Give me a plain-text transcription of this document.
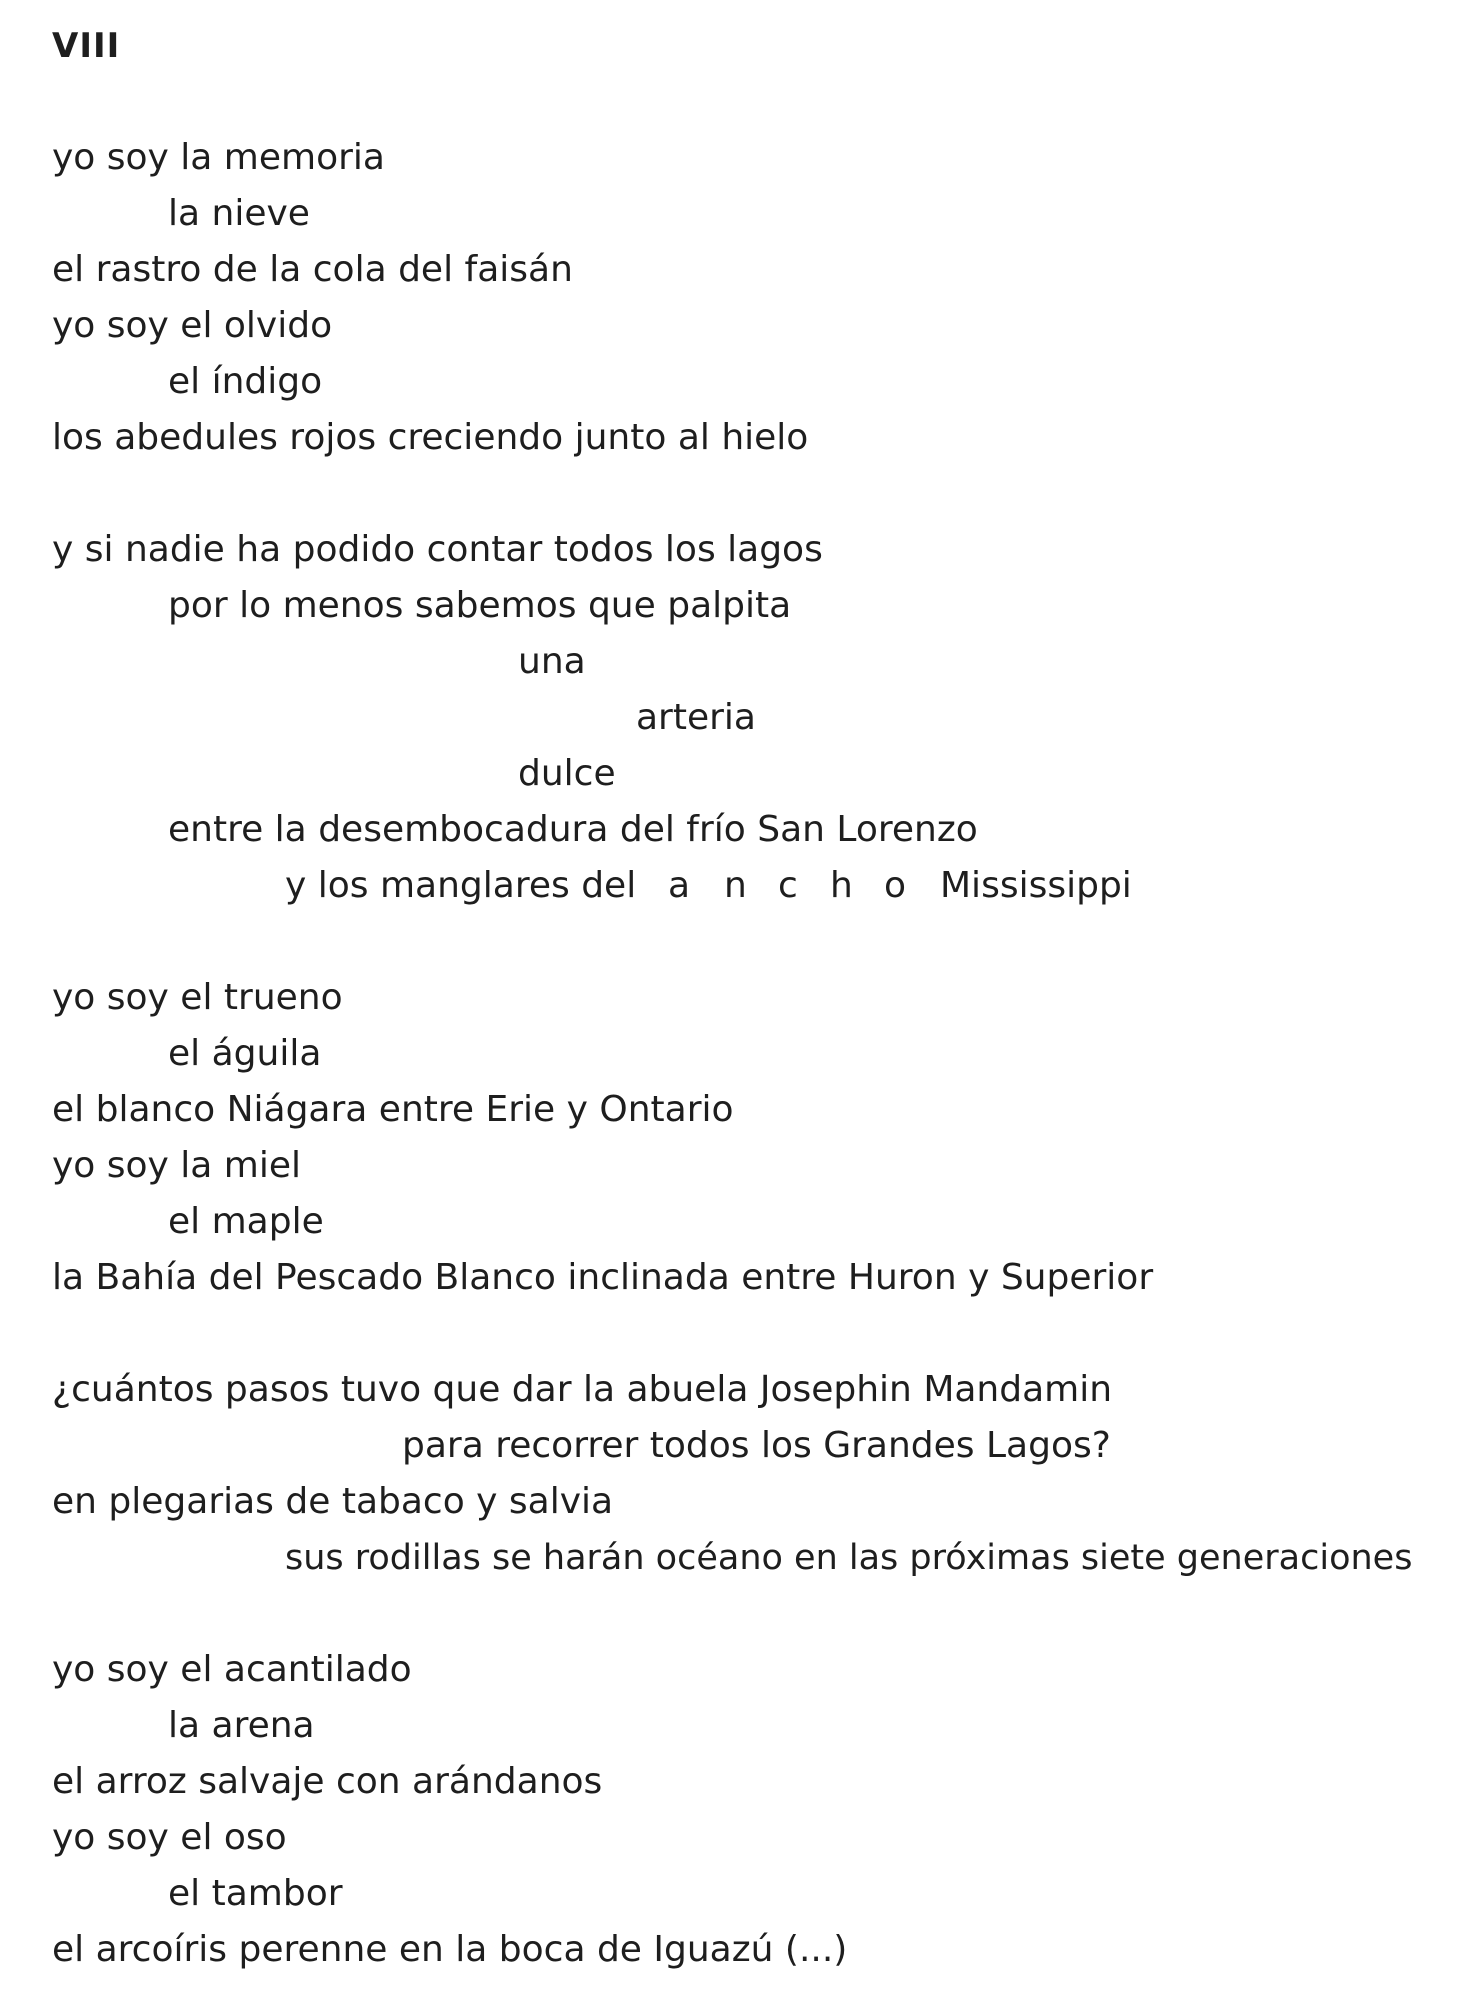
VIII
yo soy la memoria
la nieve
el rastro de la cola del faisán
yo soy el olvido
el índigo
los abedules rojos creciendo junto al hielo
y si nadie ha podido contar todos los lagos
por lo menos sabemos que palpita
una
arteria
dulce
entre la desembocadura del frío San Lorenzo
y los manglares del a n c h o Mississippi
yo soy el trueno
el águila
el blanco Niágara entre Erie y Ontario
yo soy la miel
el maple
la Bahía del Pescado Blanco inclinada entre Huron y Superior
¿cuántos pasos tuvo que dar la abuela Josephin Mandamin
para recorrer todos los Grandes Lagos?
en plegarias de tabaco y salvia
sus rodillas se harán océano en las próximas siete generaciones
yo soy el acantilado
la arena
el arroz salvaje con arándanos
yo soy el oso
el tambor
el arcoíris perenne en la boca de Iguazú (...)
